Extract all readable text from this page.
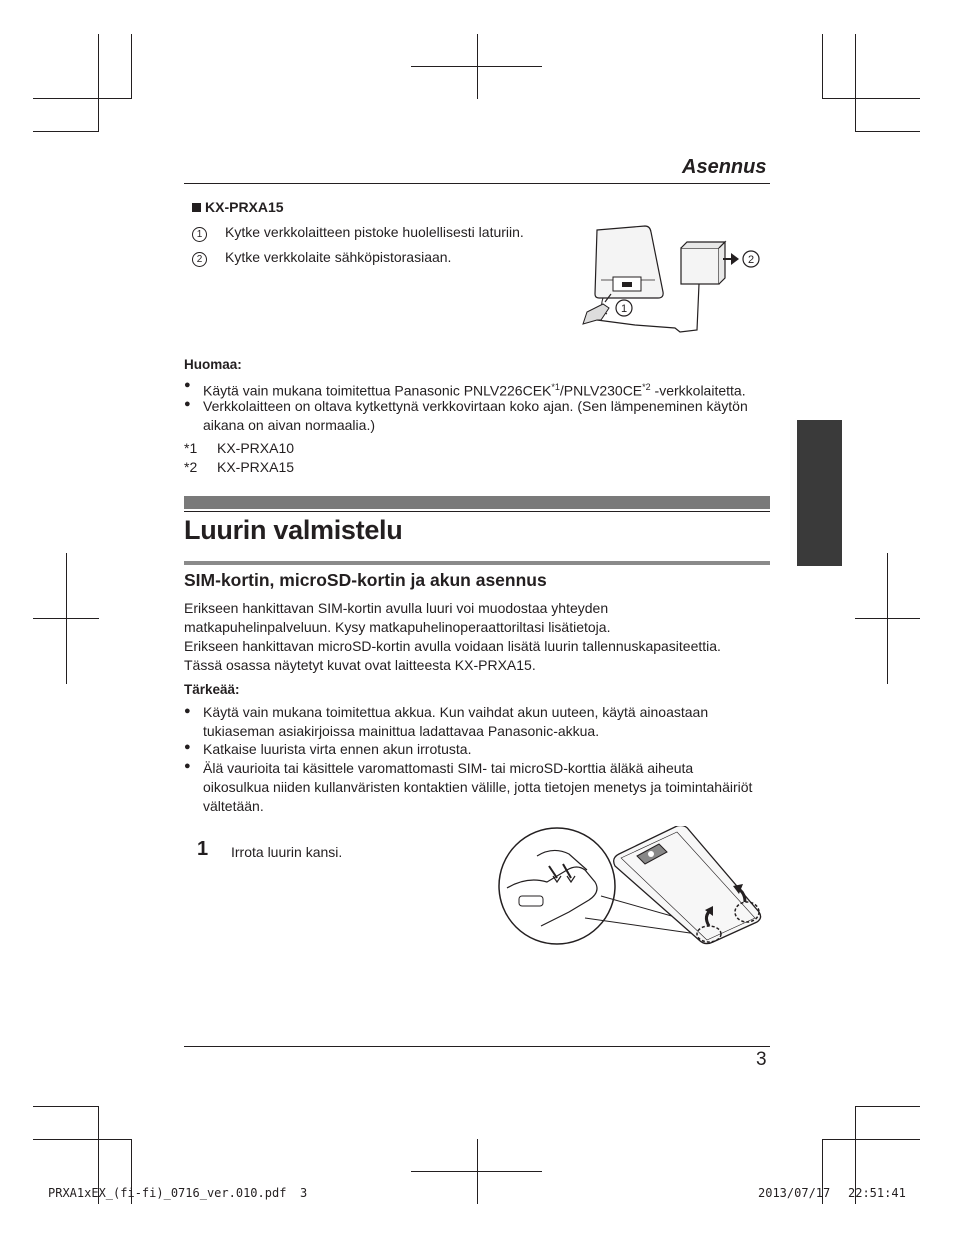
Asennus
KX-PRXA15
1 Kytke verkkolaitteen pistoke huolellisesti laturiin.
2 Kytke verkkolaite sähköpistorasiaan.	2
1
Huomaa:
Käytä vain mukana toimitettua Panasonic PNLV226CEK$^{*1}$/PNLV230CE$^{*2}$ -verkkolaitetta.
●
Verkkolaitteen on oltava kytkettynä verkkovirtaan koko ajan. (Sen lämpeneminen käytön
●
aikana on aivan normaalia.)
*1 KX-PRXA10
*2 KX-PRXA15
Luurin valmistelu
SIM-kortin, microSD-kortin ja akun asennus
Erikseen hankittavan SIM-kortin avulla luuri voi muodostaa yhteyden
matkapuhelinpalveluun. Kysy matkapuhelinoperaattoriltasi lisätietoja.
Erikseen hankittavan microSD-kortin avulla voidaan lisätä luurin tallennuskapasiteettia.
Tässä osassa näytetyt kuvat ovat laitteesta KX-PRXA15.
Tärkeää:
● Käytä vain mukana toimitettua akkua. Kun vaihdat akun uuteen, käytä ainoastaan
tukiaseman asiakirjoissa mainittua ladattavaa Panasonic-akkua.
● Katkaise luurista virta ennen akun irrotusta.
● Älä vaurioita tai käsittele varomattomasti SIM- tai microSD-korttia äläkä aiheuta
oikosulkua niiden kullanväristen kontaktien välille, jotta tietojen menetys ja toimintahäiriöt
vältetään.
1 Irrota luurin kansi.
3
PRXA1xEX_(fi-fi)_0716_ver.010.pdf 3	2013/07/17 22:51:41
